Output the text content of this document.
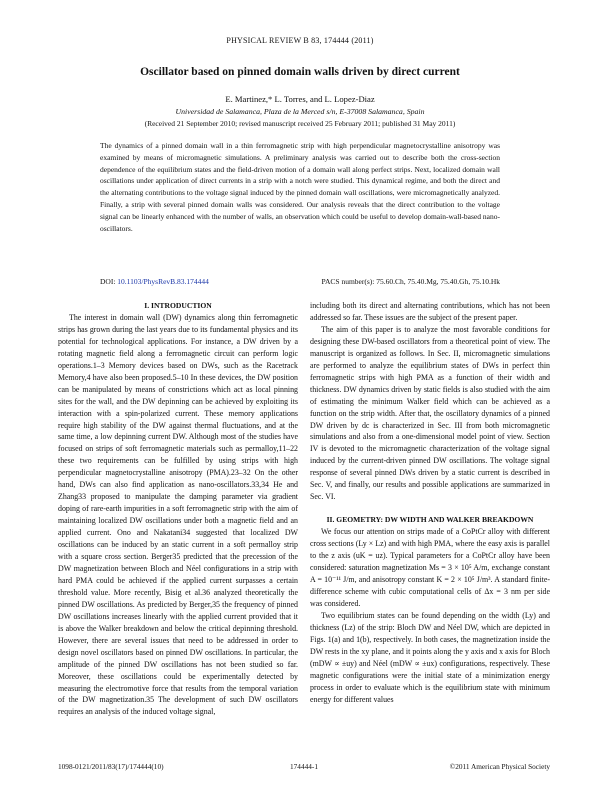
PHYSICAL REVIEW B 83, 174444 (2011)
Oscillator based on pinned domain walls driven by direct current
E. Martinez,* L. Torres, and L. Lopez-Diaz
Universidad de Salamanca, Plaza de la Merced s/n, E-37008 Salamanca, Spain
(Received 21 September 2010; revised manuscript received 25 February 2011; published 31 May 2011)
The dynamics of a pinned domain wall in a thin ferromagnetic strip with high perpendicular magnetocrystalline anisotropy was examined by means of micromagnetic simulations. A preliminary analysis was carried out to describe both the cross-section dependence of the equilibrium states and the field-driven motion of a domain wall along perfect strips. Next, localized domain wall oscillations under application of direct currents in a strip with a notch were studied. This dynamical regime, and both the direct and the alternating contributions to the voltage signal induced by the pinned domain wall oscillations, were micromagnetically analyzed. Finally, a strip with several pinned domain walls was considered. Our analysis reveals that the direct contribution to the voltage signal can be linearly enhanced with the number of walls, an observation which could be useful to develop domain-wall-based nano-oscillators.
DOI: 10.1103/PhysRevB.83.174444	PACS number(s): 75.60.Ch, 75.40.Mg, 75.40.Gh, 75.10.Hk

I. INTRODUCTION

The interest in domain wall (DW) dynamics along thin ferromagnetic strips has grown during the last years due to its fundamental physics and its potential for technological applications. For instance, a DW driven by a rotating magnetic field along a ferromagnetic circuit can perform logic operations.1–3 Memory devices based on DWs, such as the Racetrack Memory,4 have also been proposed.5–10 In these devices, the DW position can be manipulated by means of constrictions which act as local pinning sites for the wall, and the DW depinning can be achieved by exploiting its interaction with a spin-polarized current. These memory applications require high stability of the DW against thermal fluctuations, and at the same time, a low depinning current DW. Although most of the studies have focused on strips of soft ferromagnetic materials such as permalloy,11–22 these two requirements can be fulfilled by using strips with high perpendicular magnetocrystalline anisotropy (PMA).23–32 On the other hand, DWs can also find application as nano-oscillators.33,34 He and Zhang33 proposed to manipulate the damping parameter via gradient doping of rare-earth impurities in a soft ferromagnetic strip with the aim of maintaining localized DW oscillations under both a magnetic field and an applied current. Ono and Nakatani34 suggested that localized DW oscillations can be induced by an static current in a soft permalloy strip with a square cross section. Berger35 predicted that the precession of the DW magnetization between Bloch and Néel configurations in a strip with hard PMA could be achieved if the applied current surpasses a certain threshold value. More recently, Bisig et al.36 analyzed theoretically the pinned DW oscillations. As predicted by Berger,35 the frequency of pinned DW oscillations increases linearly with the applied current provided that it is above the Walker breakdown and below the critical depinning threshold. However, there are several issues that need to be addressed in order to design novel oscillators based on pinned DW oscillations. In particular, the amplitude of the pinned DW oscillations has not been studied so far. Moreover, these oscillations could be experimentally detected by measuring the electromotive force that results from the temporal variation of the DW magnetization.35 The development of such DW oscillators requires an analysis of the induced voltage signal,

including both its direct and alternating contributions, which has not been addressed so far. These issues are the subject of the present paper.

The aim of this paper is to analyze the most favorable conditions for designing these DW-based oscillators from a theoretical point of view. The manuscript is organized as follows. In Sec. II, micromagnetic simulations are performed to analyze the equilibrium states of DWs in perfect thin ferromagnetic strips with high PMA as a function of their width and thickness. DW dynamics driven by static fields is also studied with the aim of estimating the minimum Walker field which can be achieved as a function on the strip width. After that, the oscillatory dynamics of a pinned DW driven by dc is characterized in Sec. III from both micromagnetic simulations and also from a one-dimensional model point of view. Section IV is devoted to the micromagnetic characterization of the voltage signal induced by the current-driven pinned DW oscillations. The voltage signal response of several pinned DWs driven by a static current is described in Sec. V, and finally, our results and possible applications are summarized in Sec. VI.

II. GEOMETRY: DW WIDTH AND WALKER BREAKDOWN

We focus our attention on strips made of a CoPtCr alloy with different cross sections (Ly × Lz) and with high PMA, where the easy axis is parallel to the z axis (uK = uz). Typical parameters for a CoPtCr alloy have been considered: saturation magnetization Ms = 3 × 10⁵ A/m, exchange constant A = 10⁻¹¹ J/m, and anisotropy constant K = 2 × 10⁵ J/m³. A standard finite-difference scheme with cubic computational cells of Δx = 3 nm per side was considered.

Two equilibrium states can be found depending on the width (Ly) and thickness (Lz) of the strip: Bloch DW and Néel DW, which are depicted in Figs. 1(a) and 1(b), respectively. In both cases, the magnetization inside the DW rests in the xy plane, and it points along the y axis and x axis for Bloch (mDW ∝ ±uy) and Néel (mDW ∝ ±ux) configurations, respectively. These magnetic configurations were the initial state of a minimization energy process in order to evaluate which is the equilibrium state with minimum energy for different values

1098-0121/2011/83(17)/174444(10)	174444-1	©2011 American Physical Society
